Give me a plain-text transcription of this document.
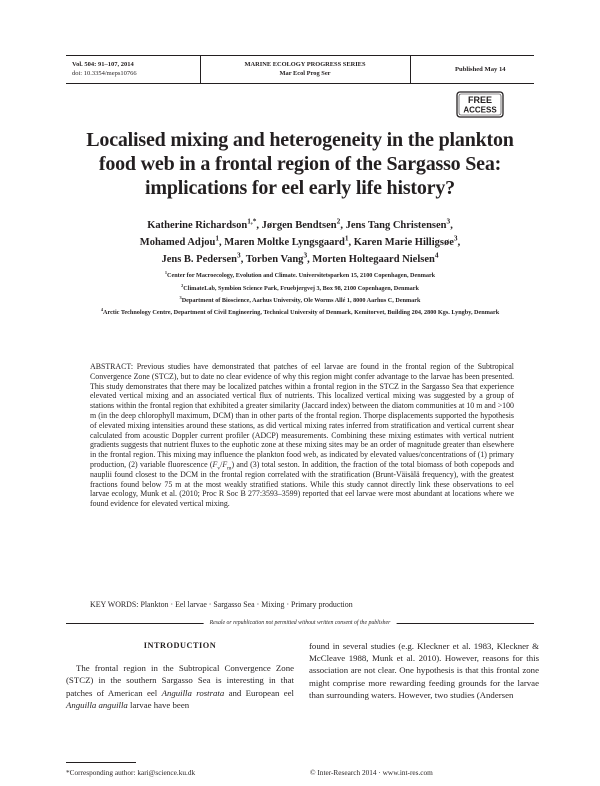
Vol. 504: 91–107, 2014
doi: 10.3354/meps10766
MARINE ECOLOGY PROGRESS SERIES
Mar Ecol Prog Ser
Published May 14
FREE
ACCESS
Localised mixing and heterogeneity in the plankton
food web in a frontal region of the Sargasso Sea:
implications for eel early life history?
Katherine Richardson$^{1,*}$, Jørgen Bendtsen$^2$, Jens Tang Christensen$^3$,
Mohamed Adjou$^1$, Maren Moltke Lyngsgaard$^1$, Karen Marie Hilligsøe$^3$,
Jens B. Pedersen$^3$, Torben Vang$^3$, Morten Holtegaard Nielsen$^4$
$^1$Center for Macroecology, Evolution and Climate. Universitetsparken 15, 2100 Copenhagen, Denmark
$^2$ClimateLab, Symbion Science Park, Fruebjergvej 3, Box 98, 2100 Copenhagen, Denmark
$^3$Department of Bioscience, Aarhus University, Ole Worms Allé 1, 8000 Aarhus C, Denmark
$^4$Arctic Technology Centre, Department of Civil Engineering, Technical University of Denmark, Kemitorvet, Building 204, 2800 Kgs. Lyngby, Denmark
ABSTRACT: Previous studies have demonstrated that patches of eel larvae are found in the frontal region of the Subtropical Convergence Zone (STCZ), but to date no clear evidence of why this region might confer advantage to the larvae has been presented. This study demonstrates that there may be localized patches within a frontal region in the STCZ in the Sargasso Sea that experience elevated vertical mixing and an associated vertical flux of nutrients. This localized vertical mixing was suggested by a group of stations within the frontal region that exhibited a greater similarity (Jaccard index) between the diatom communities at 10 m and >100 m (in the deep chlorophyll maximum, DCM) than in other parts of the frontal region. Thorpe displacements supported the hypothesis of elevated mixing intensities around these stations, as did vertical mixing rates inferred from stratification and vertical current shear calculated from acoustic Doppler current profiler (ADCP) measurements. Combining these mixing estimates with vertical nutrient gradients suggests that nutrient fluxes to the euphotic zone at these mixing sites may be an order of magnitude greater than elsewhere in the frontal region. This mixing may influence the plankton food web, as indicated by elevated values/concentrations of (1) primary production, (2) variable fluorescence $(F_v/F_m)$ and (3) total seston. In addition, the fraction of the total biomass of both copepods and nauplii found closest to the DCM in the frontal region correlated with the stratification (Brunt-Väisälä frequency), with the greatest fractions found below 75 m at the most weakly stratified stations. While this study cannot directly link these observations to eel larvae ecology, Munk et al. (2010; Proc R Soc B 277:3593–3599) reported that eel larvae were most abundant at locations where we found evidence for elevated vertical mixing.
KEY WORDS: Plankton · Eel larvae · Sargasso Sea · Mixing · Primary production
Resale or republication not permitted without written consent of the publisher
INTRODUCTION
The frontal region in the Subtropical Convergence Zone (STCZ) in the southern Sargasso Sea is interesting in that patches of American eel Anguilla rostrata and European eel Anguilla anguilla larvae have been
found in several studies (e.g. Kleckner et al. 1983, Kleckner & McCleave 1988, Munk et al. 2010). However, reasons for this association are not clear. One hypothesis is that this frontal zone might comprise more rewarding feeding grounds for the larvae than surrounding waters. However, two studies (Andersen
*Corresponding author: kari@science.ku.dk	© Inter-Research 2014 · www.int-res.com
